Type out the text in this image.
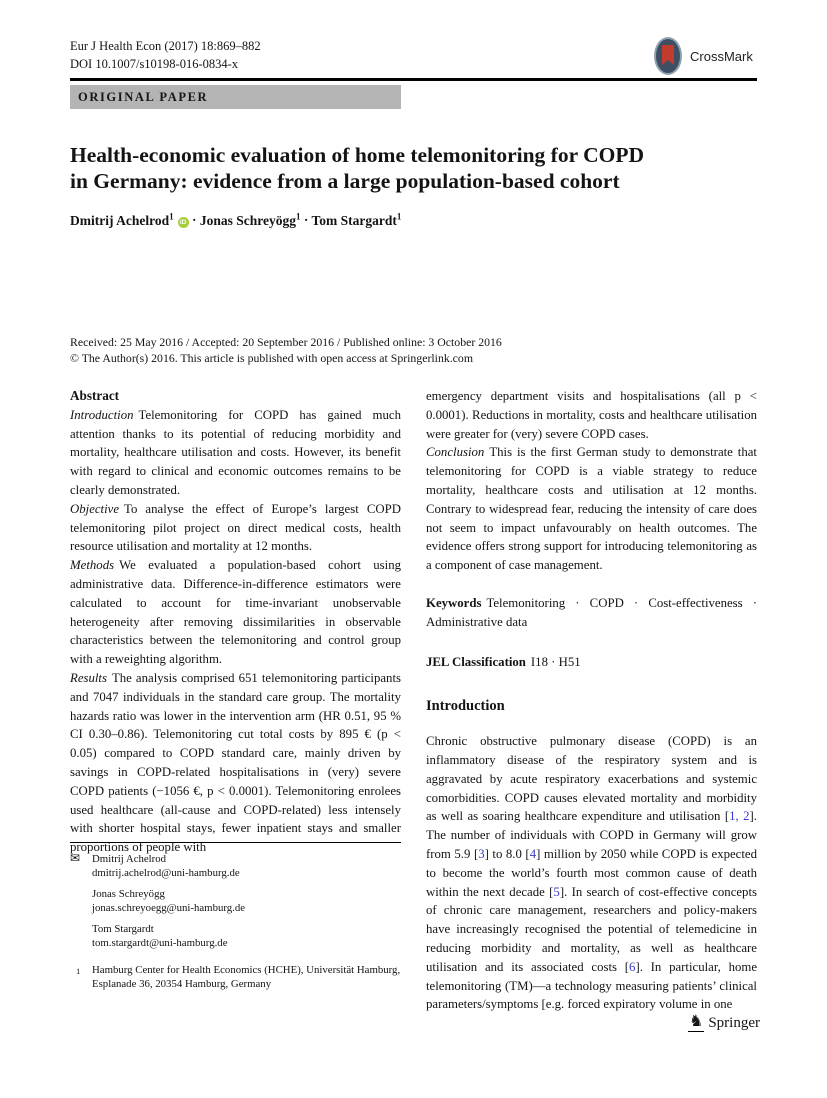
Eur J Health Econ (2017) 18:869–882
DOI 10.1007/s10198-016-0834-x
CrossMark
ORIGINAL PAPER
Health-economic evaluation of home telemonitoring for COPD
in Germany: evidence from a large population-based cohort
Dmitrij Achelrod$^1$iD · Jonas Schreyögg$^1$ · Tom Stargardt$^1$
Received: 25 May 2016 / Accepted: 20 September 2016 / Published online: 3 October 2016
© The Author(s) 2016. This article is published with open access at Springerlink.com
Abstract

Introduction Telemonitoring for COPD has gained much attention thanks to its potential of reducing morbidity and mortality, healthcare utilisation and costs. However, its benefit with regard to clinical and economic outcomes remains to be clearly demonstrated.

Objective To analyse the effect of Europe’s largest COPD telemonitoring pilot project on direct medical costs, health resource utilisation and mortality at 12 months.

Methods We evaluated a population-based cohort using administrative data. Difference-in-difference estimators were calculated to account for time-invariant unobservable heterogeneity after removing dissimilarities in observable characteristics between the telemonitoring and control group with a reweighting algorithm.

Results The analysis comprised 651 telemonitoring participants and 7047 individuals in the standard care group. The mortality hazards ratio was lower in the intervention arm (HR 0.51, 95 % CI 0.30–0.86). Telemonitoring cut total costs by 895 € (p < 0.05) compared to COPD standard care, mainly driven by savings in COPD-related hospitalisations in (very) severe COPD patients (−1056 €, p < 0.0001). Telemonitoring enrolees used healthcare (all-cause and COPD-related) less intensely with shorter hospital stays, fewer inpatient stays and smaller proportions of people with

emergency department visits and hospitalisations (all p < 0.0001). Reductions in mortality, costs and healthcare utilisation were greater for (very) severe COPD cases.

Conclusion This is the first German study to demonstrate that telemonitoring for COPD is a viable strategy to reduce mortality, healthcare costs and utilisation at 12 months. Contrary to widespread fear, reducing the intensity of care does not seem to impact unfavourably on health outcomes. The evidence offers strong support for introducing telemonitoring as a component of case management.

Keywords Telemonitoring · COPD · Cost-effectiveness · Administrative data

JEL Classification I18 · H51

Introduction

Chronic obstructive pulmonary disease (COPD) is an inflammatory disease of the respiratory system and is aggravated by acute respiratory exacerbations and systemic comorbidities. COPD causes elevated mortality and morbidity as well as soaring healthcare expenditure and utilisation [1, 2]. The number of individuals with COPD in Germany will grow from 5.9 [3] to 8.0 [4] million by 2050 while COPD is expected to become the world’s fourth most common cause of death within the next decade [5]. In search of cost-effective concepts of chronic care management, researchers and policy-makers have increasingly recognised the potential of telemedicine in reducing morbidity and mortality, as well as healthcare utilisation and its associated costs [6]. In particular, home telemonitoring (TM)—a technology measuring patients’ clinical parameters/symptoms [e.g. forced expiratory volume in one

✉ Dmitrij Achelrod
dmitrij.achelrod@uni-hamburg.de
Jonas Schreyögg
jonas.schreyoegg@uni-hamburg.de
Tom Stargardt
tom.stargardt@uni-hamburg.de
1 Hamburg Center for Health Economics (HCHE), Universität Hamburg, Esplanade 36, 20354 Hamburg, Germany
♞ Springer
